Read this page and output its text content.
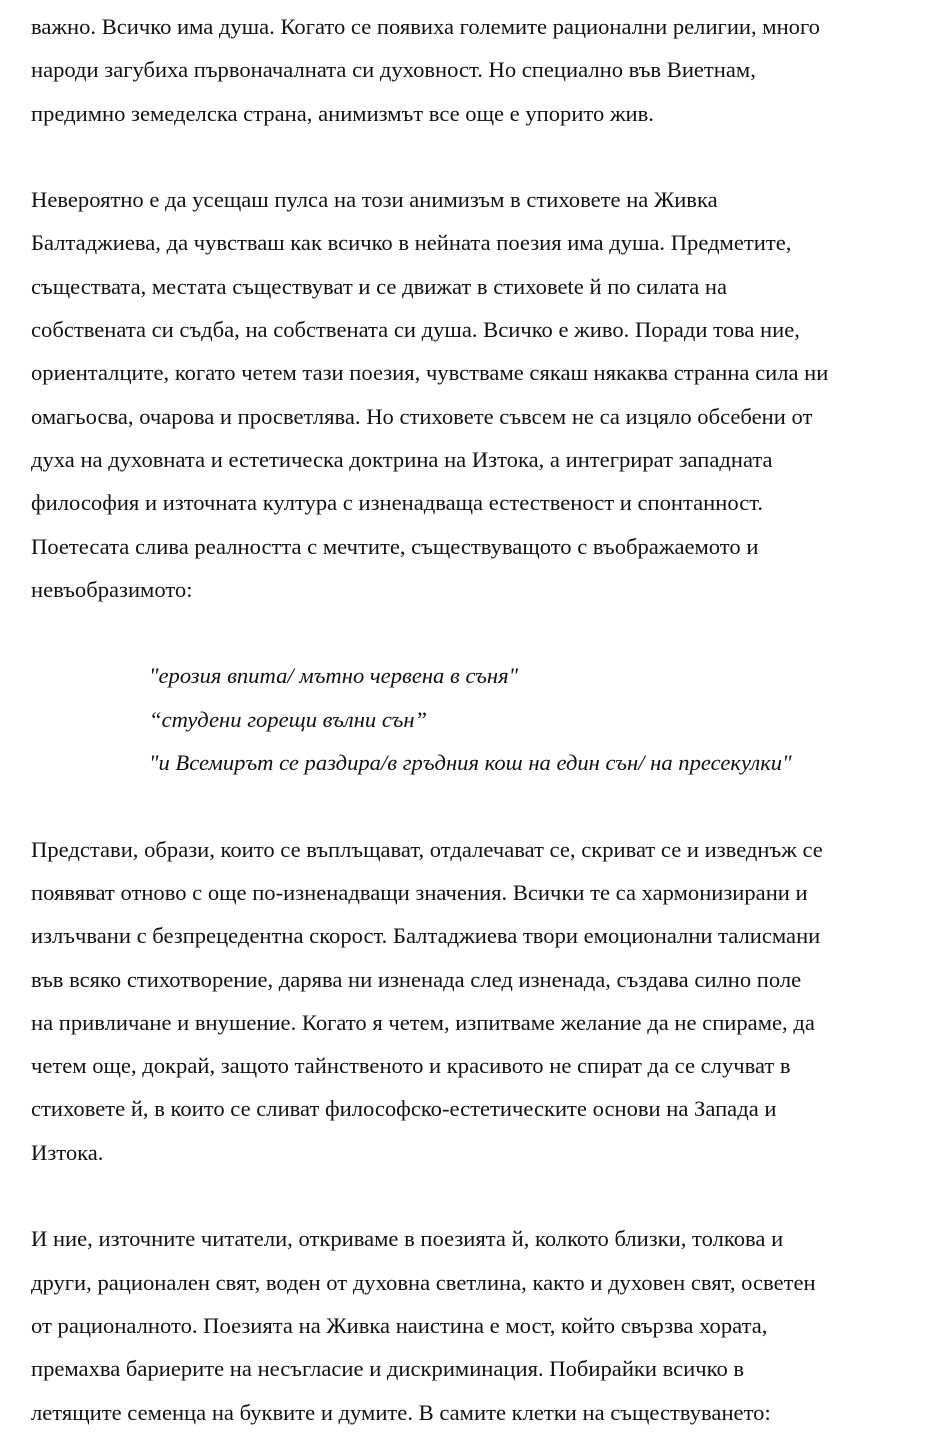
важно. Всичко има душа. Когато се появиха големите рационални религии, много
народи загубиха първоначалната си духовност. Но специално във Виетнам,
предимно земеделска страна, анимизмът все още е упорито жив.
Невероятно е да усещаш пулса на този анимизъм в стиховете на Живка
Балтаджиева, да чувстваш как всичко в нейната поезия има душа. Предметите,
съществата, местата съществуват и се движат в стиховеte й по силата на
собствената си съдба, на собствената си душа. Всичко е живо. Поради това ние,
ориенталците, когато четем тази поезия, чувстваме сякаш някаква странна сила ни
омагьосва, очарова и просветлява. Но стиховете съвсем не са изцяло обсебени от
духа на духовната и естетическа доктрина на Изтока, а интегрират западната
философия и източната култура с изненадваща естественост и спонтанност.
Поетесата слива реалността с мечтите, съществуващото с въображаемото и
невъобразимото:
"ерозия впита/ мътно червена в съня"
“студени горещи вълни сън”
"и Всемирът се раздира/в гръдния кош на един сън/ на пресекулки"
Представи, образи, които се въплъщават, отдалечават се, скриват се и изведнъж се
появяват отново с още по-изненадващи значения. Всички те са хармонизирани и
излъчвани с безпрецедентна скорост. Балтаджиева твори емоционални талисмани
във всяко стихотворение, дарява ни изненада след изненада, създава силно поле
на привличане и внушение. Когато я четем, изпитваме желание да не спираме, да
четем още, докрай, защото тайнственото и красивото не спират да се случват в
стиховете й, в които се сливат философско-естетическите основи на Запада и
Изтока.
И ние, източните читатели, откриваме в поезията й, колкото близки, толкова и
други, рационален свят, воден от духовна светлина, както и духовен свят, осветен
от рационалното. Поезията на Живка наистина е мост, който свързва хората,
премахва бариерите на несъгласие и дискриминация. Побирайки всичко в
летящите семенца на буквите и думите. В самите клетки на съществуването:
